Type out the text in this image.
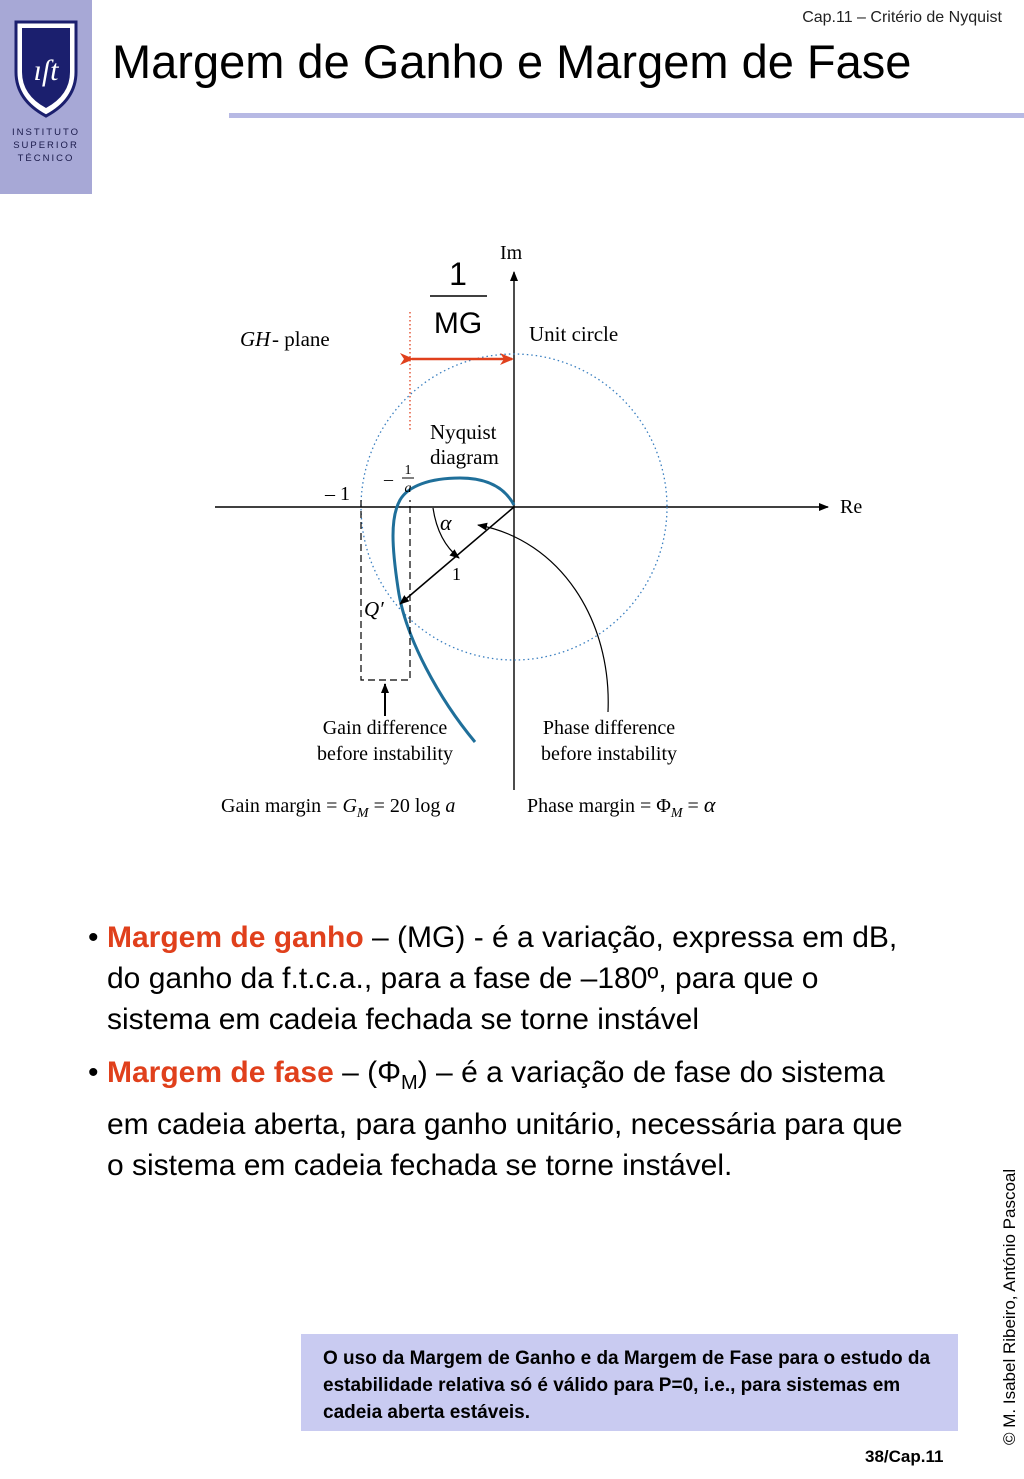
ıſt
INSTITUTO
SUPERIOR
TÉCNICO
Cap.11 – Critério de Nyquist
Margem de Ganho e Margem de Fase
1
MG
Im
Re
GH - plane	Unit circle
Nyquist
diagram
– 1
– 1
a
α
1
Q′
Gain difference
before instability
Phase difference
before instability
Gain margin = $G_M = 20$ log a	Phase margin = $\Phi_M = \alpha$
• Margem de ganho – (MG) - é a variação, expressa em dB, do ganho da f.t.c.a., para a fase de –180º, para que o sistema em cadeia fechada se torne instável
• Margem de fase – $(\Phi_M)$ – é a variação de fase do sistema em cadeia aberta, para ganho unitário, necessária para que o sistema em cadeia fechada se torne instável.
O uso da Margem de Ganho e da Margem de Fase para o estudo da estabilidade relativa só é válido para P=0, i.e., para sistemas em cadeia aberta estáveis.	© M. Isabel Ribeiro, António Pascoal
38/Cap.11
